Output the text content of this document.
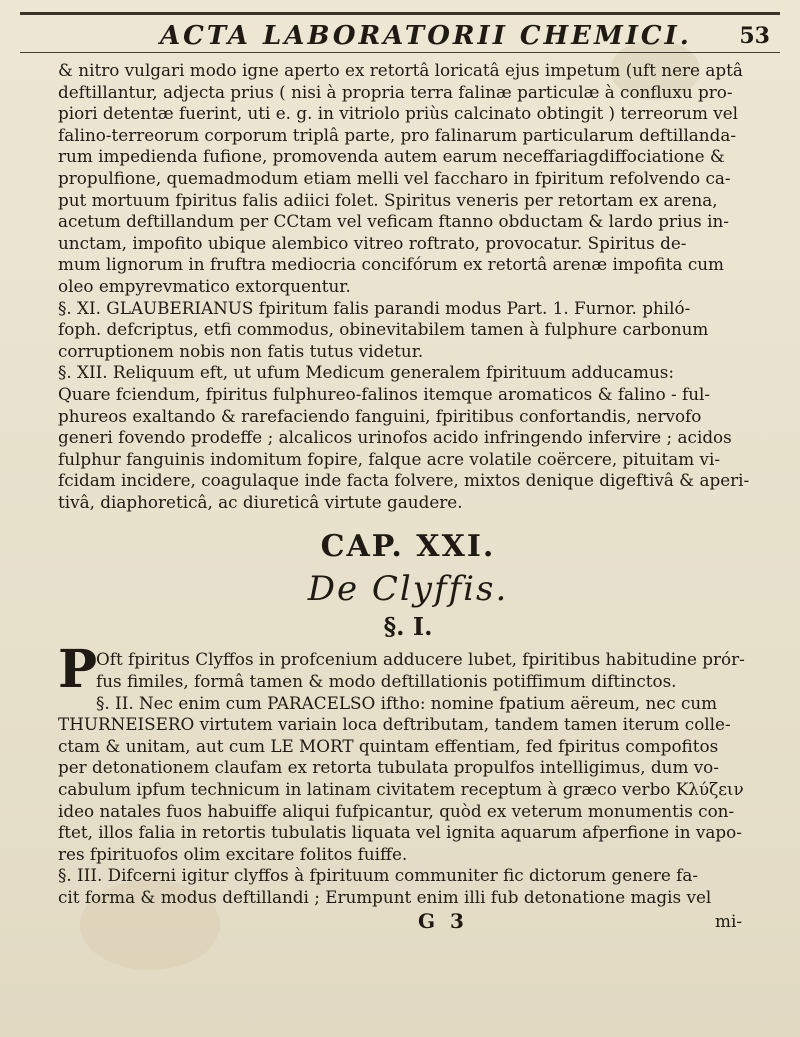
ACTA LABORATORII CHEMICI. 53
& nitro vulgari modo igne aperto ex retortâ loricatâ ejus impetum (uft nere aptâ
deftillantur, adjecta prius ( nisi à propria terra falinæ particulæ à confluxu pro-
piori detentæ fuerint, uti e. g. in vitriolo priùs calcinato obtingit ) terreorum vel
falino-terreorum corporum triplâ parte, pro falinarum particularum deftillanda-
rum impedienda fufione, promovenda autem earum neceffariagdiffociatione &
propulfione, quemadmodum etiam melli vel faccharo in fpiritum refolvendo ca-
put mortuum fpiritus falis adiici folet. Spiritus veneris per retortam ex arena,
acetum deftillandum per CCtam vel veficam ftanno obductam & lardo prius in-
unctam, impofito ubique alembico vitreo roftrato, provocatur. Spiritus de-
mum lignorum in fruftra mediocria concifórum ex retortâ arenæ impofita cum
oleo empyrevmatico extorquentur.
§. XI. GLAUBERIANUS fpiritum falis parandi modus Part. 1. Furnor. philó-
foph. defcriptus, etfi commodus, obinevitabilem tamen à fulphure carbonum
corruptionem nobis non fatis tutus videtur.
§. XII. Reliquum eft, ut ufum Medicum generalem fpirituum adducamus:
Quare fciendum, fpiritus fulphureo-falinos itemque aromaticos & falino - ful-
phureos exaltando & rarefaciendo fanguini, fpiritibus confortandis, nervofo
generi fovendo prodeffe ; alcalicos urinofos acido infringendo infervire ; acidos
fulphur fanguinis indomitum fopire, falque acre volatile coërcere, pituitam vi-
fcidam incidere, coagulaque inde facta folvere, mixtos denique digeftivâ & aperi-
tivâ, diaphoreticâ, ac diureticâ virtute gaudere.
CAP. XXI.
De Clyffis.
§. I.
P
Oft fpiritus Clyffos in profcenium adducere lubet, fpiritibus habitudine prór-
fus fimiles, formâ tamen & modo deftillationis potiffimum diftinctos.
§. II. Nec enim cum PARACELSO iftho: nomine fpatium aëreum, nec cum
THURNEISERO virtutem variain loca deftributam, tandem tamen iterum colle-
ctam & unitam, aut cum LE MORT quintam effentiam, fed fpiritus compofitos
per detonationem claufam ex retorta tubulata propulfos intelligimus, dum vo-
cabulum ipfum technicum in latinam civitatem receptum à græco verbo Κλύζειν
ideo natales fuos habuiffe aliqui fufpicantur, quòd ex veterum monumentis con-
ftet, illos falia in retortis tubulatis liquata vel ignita aquarum afperfione in vapo-
res fpirituofos olim excitare folitos fuiffe.
§. III. Difcerni igitur clyffos à fpirituum communiter fic dictorum genere fa-
cit forma & modus deftillandi ; Erumpunt enim illi fub detonatione magis vel
G 3	mi-
